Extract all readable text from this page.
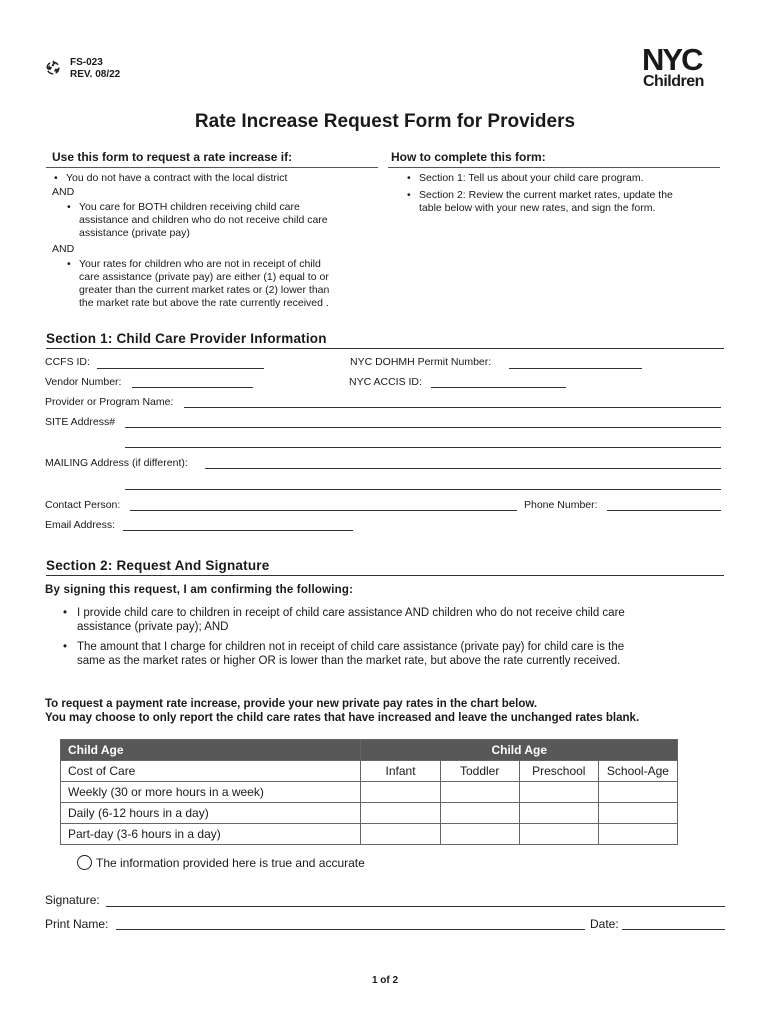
FS-023
REV. 08/22	NYC
Children
Rate Increase Request Form for Providers
Use this form to request a rate increase if:	How to complete this form:
• You do not have a contract with the local district
AND
• You care for BOTH children receiving child care
assistance and children who do not receive child care
assistance (private pay)
AND
• Your rates for children who are not in receipt of child
care assistance (private pay) are either (1) equal to or
greater than the current market rates or (2) lower than
the market rate but above the rate currently received .
• Section 1: Tell us about your child care program.
• Section 2: Review the current market rates, update the
table below with your new rates, and sign the form.
Section 1: Child Care Provider Information
CCFS ID:	NYC DOHMH Permit Number:
Vendor Number:	NYC ACCIS ID:
Provider or Program Name:
SITE Address#
MAILING Address (if different):
Contact Person:	Phone Number:
Email Address:
Section 2: Request And Signature
By signing this request, I am confirming the following:
• I provide child care to children in receipt of child care assistance AND children who do not receive child care
assistance (private pay); AND
• The amount that I charge for children not in receipt of child care assistance (private pay) for child care is the
same as the market rates or higher OR is lower than the market rate, but above the rate currently received.
To request a payment rate increase, provide your new private pay rates in the chart below.
You may choose to only report the child care rates that have increased and leave the unchanged rates blank.
Child Age	Child Age			
Cost of Care	Infant	Toddler	Preschool	School-Age
Weekly (30 or more hours in a week)				
Daily (6-12 hours in a day)				
Part-day (3-6 hours in a day)				
The information provided here is true and accurate
Signature:
Print Name:	Date:
1 of 2
